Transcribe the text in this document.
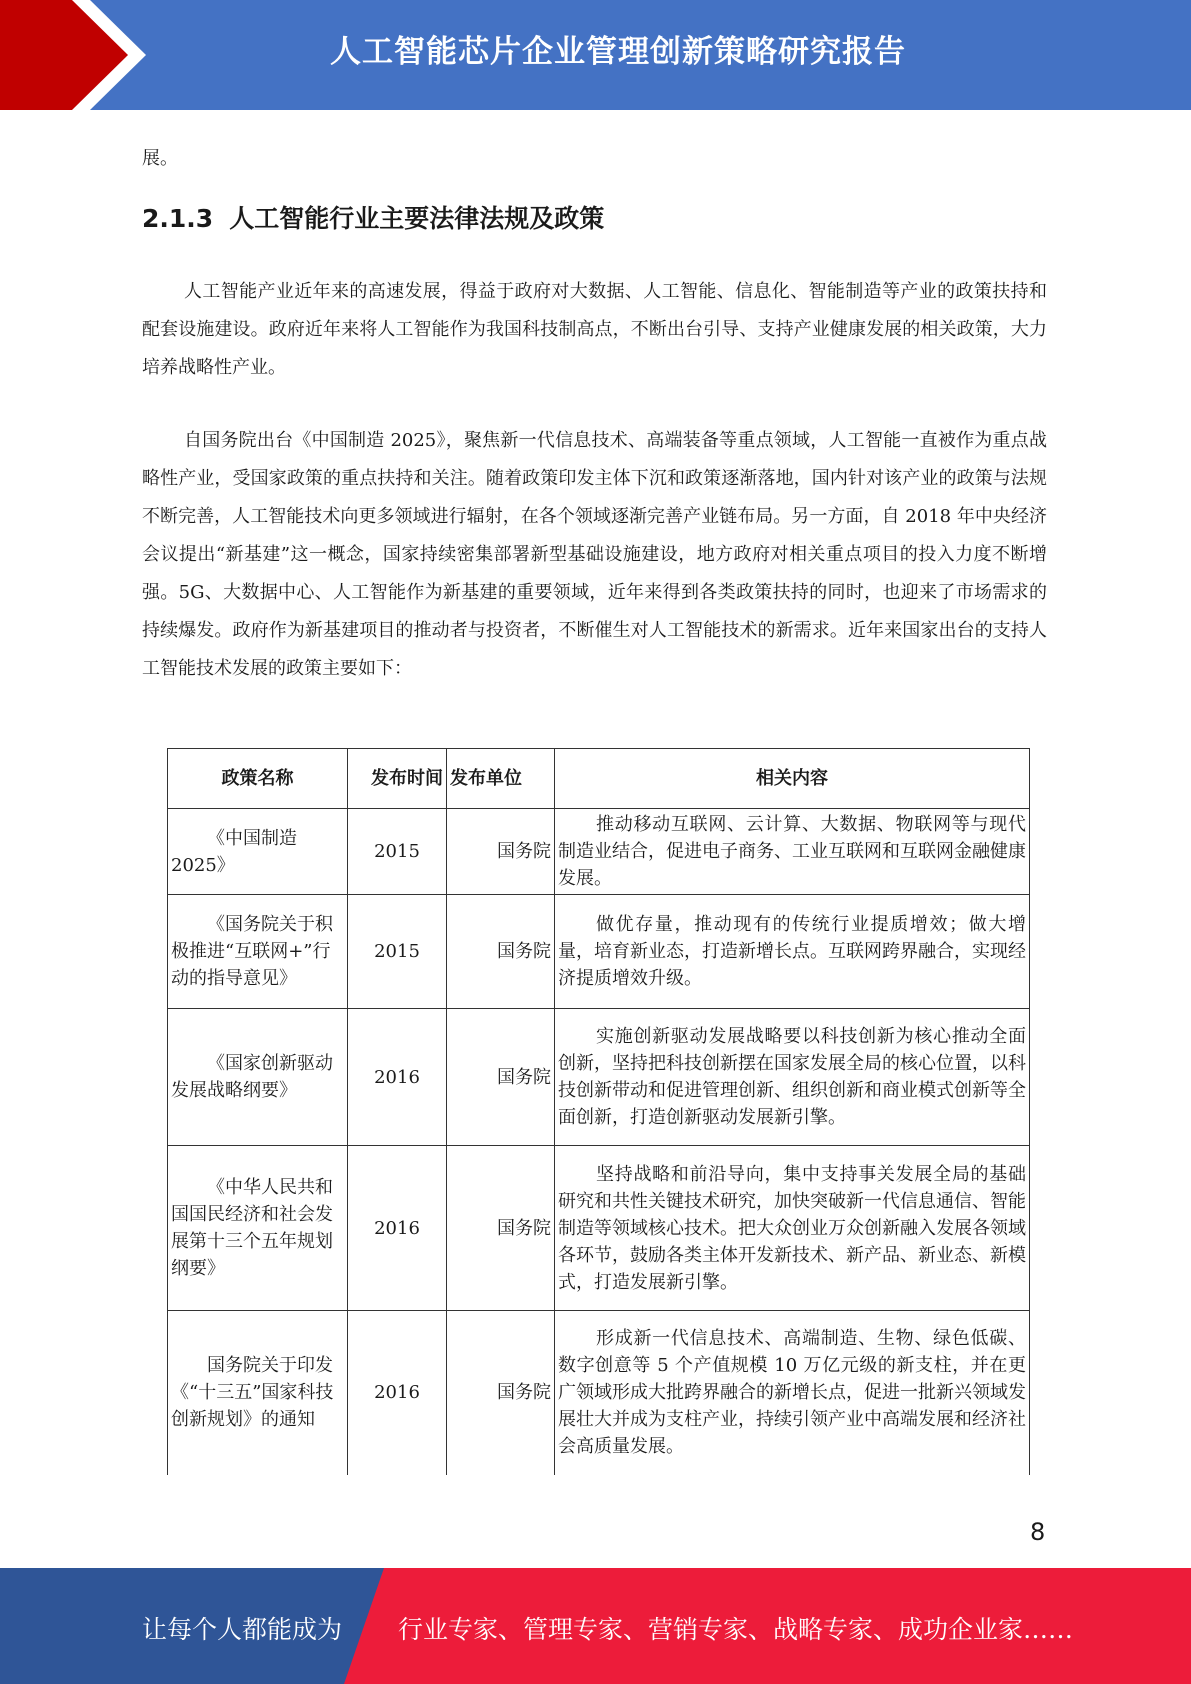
人工智能芯片企业管理创新策略研究报告
展。
2.1.3 人工智能行业主要法律法规及政策

人工智能产业近年来的高速发展，得益于政府对大数据、人工智能、信息化、智能制造等产业的政策扶持和配套设施建设。政府近年来将人工智能作为我国科技制高点，不断出台引导、支持产业健康发展的相关政策，大力培养战略性产业。

自国务院出台《中国制造 2025》，聚焦新一代信息技术、高端装备等重点领域，人工智能一直被作为重点战略性产业，受国家政策的重点扶持和关注。随着政策印发主体下沉和政策逐渐落地，国内针对该产业的政策与法规不断完善，人工智能技术向更多领域进行辐射，在各个领域逐渐完善产业链布局。另一方面，自 2018 年中央经济会议提出“新基建”这一概念，国家持续密集部署新型基础设施建设，地方政府对相关重点项目的投入力度不断增强。5G、大数据中心、人工智能作为新基建的重要领域，近年来得到各类政策扶持的同时，也迎来了市场需求的持续爆发。政府作为新基建项目的推动者与投资者，不断催生对人工智能技术的新需求。近年来国家出台的支持人工智能技术发展的政策主要如下：

政策名称	发布时间	发布单位	相关内容

《中国制造 2025》	2015	国务院	推动移动互联网、云计算、大数据、物联网等与现代制造业结合，促进电子商务、工业互联网和互联网金融健康发展。

《国务院关于积极推进“互联网+”行动的指导意见》	2015	国务院	做优存量，推动现有的传统行业提质增效；做大增量，培育新业态，打造新增长点。互联网跨界融合，实现经济提质增效升级。

《国家创新驱动发展战略纲要》	2016	国务院	实施创新驱动发展战略要以科技创新为核心推动全面创新，坚持把科技创新摆在国家发展全局的核心位置，以科技创新带动和促进管理创新、组织创新和商业模式创新等全面创新，打造创新驱动发展新引擎。

《中华人民共和国国民经济和社会发展第十三个五年规划纲要》	2016	国务院	坚持战略和前沿导向，集中支持事关发展全局的基础研究和共性关键技术研究，加快突破新一代信息通信、智能制造等领域核心技术。把大众创业万众创新融入发展各领域各环节，鼓励各类主体开发新技术、新产品、新业态、新模式，打造发展新引擎。

国务院关于印发《“十三五”国家科技创新规划》的通知	2016	国务院	形成新一代信息技术、高端制造、生物、绿色低碳、数字创意等 5 个产值规模 10 万亿元级的新支柱，并在更广领域形成大批跨界融合的新增长点，促进一批新兴领域发展壮大并成为支柱产业，持续引领产业中高端发展和经济社会高质量发展。
8
让每个人都能成为 行业专家、管理专家、营销专家、战略专家、成功企业家……
